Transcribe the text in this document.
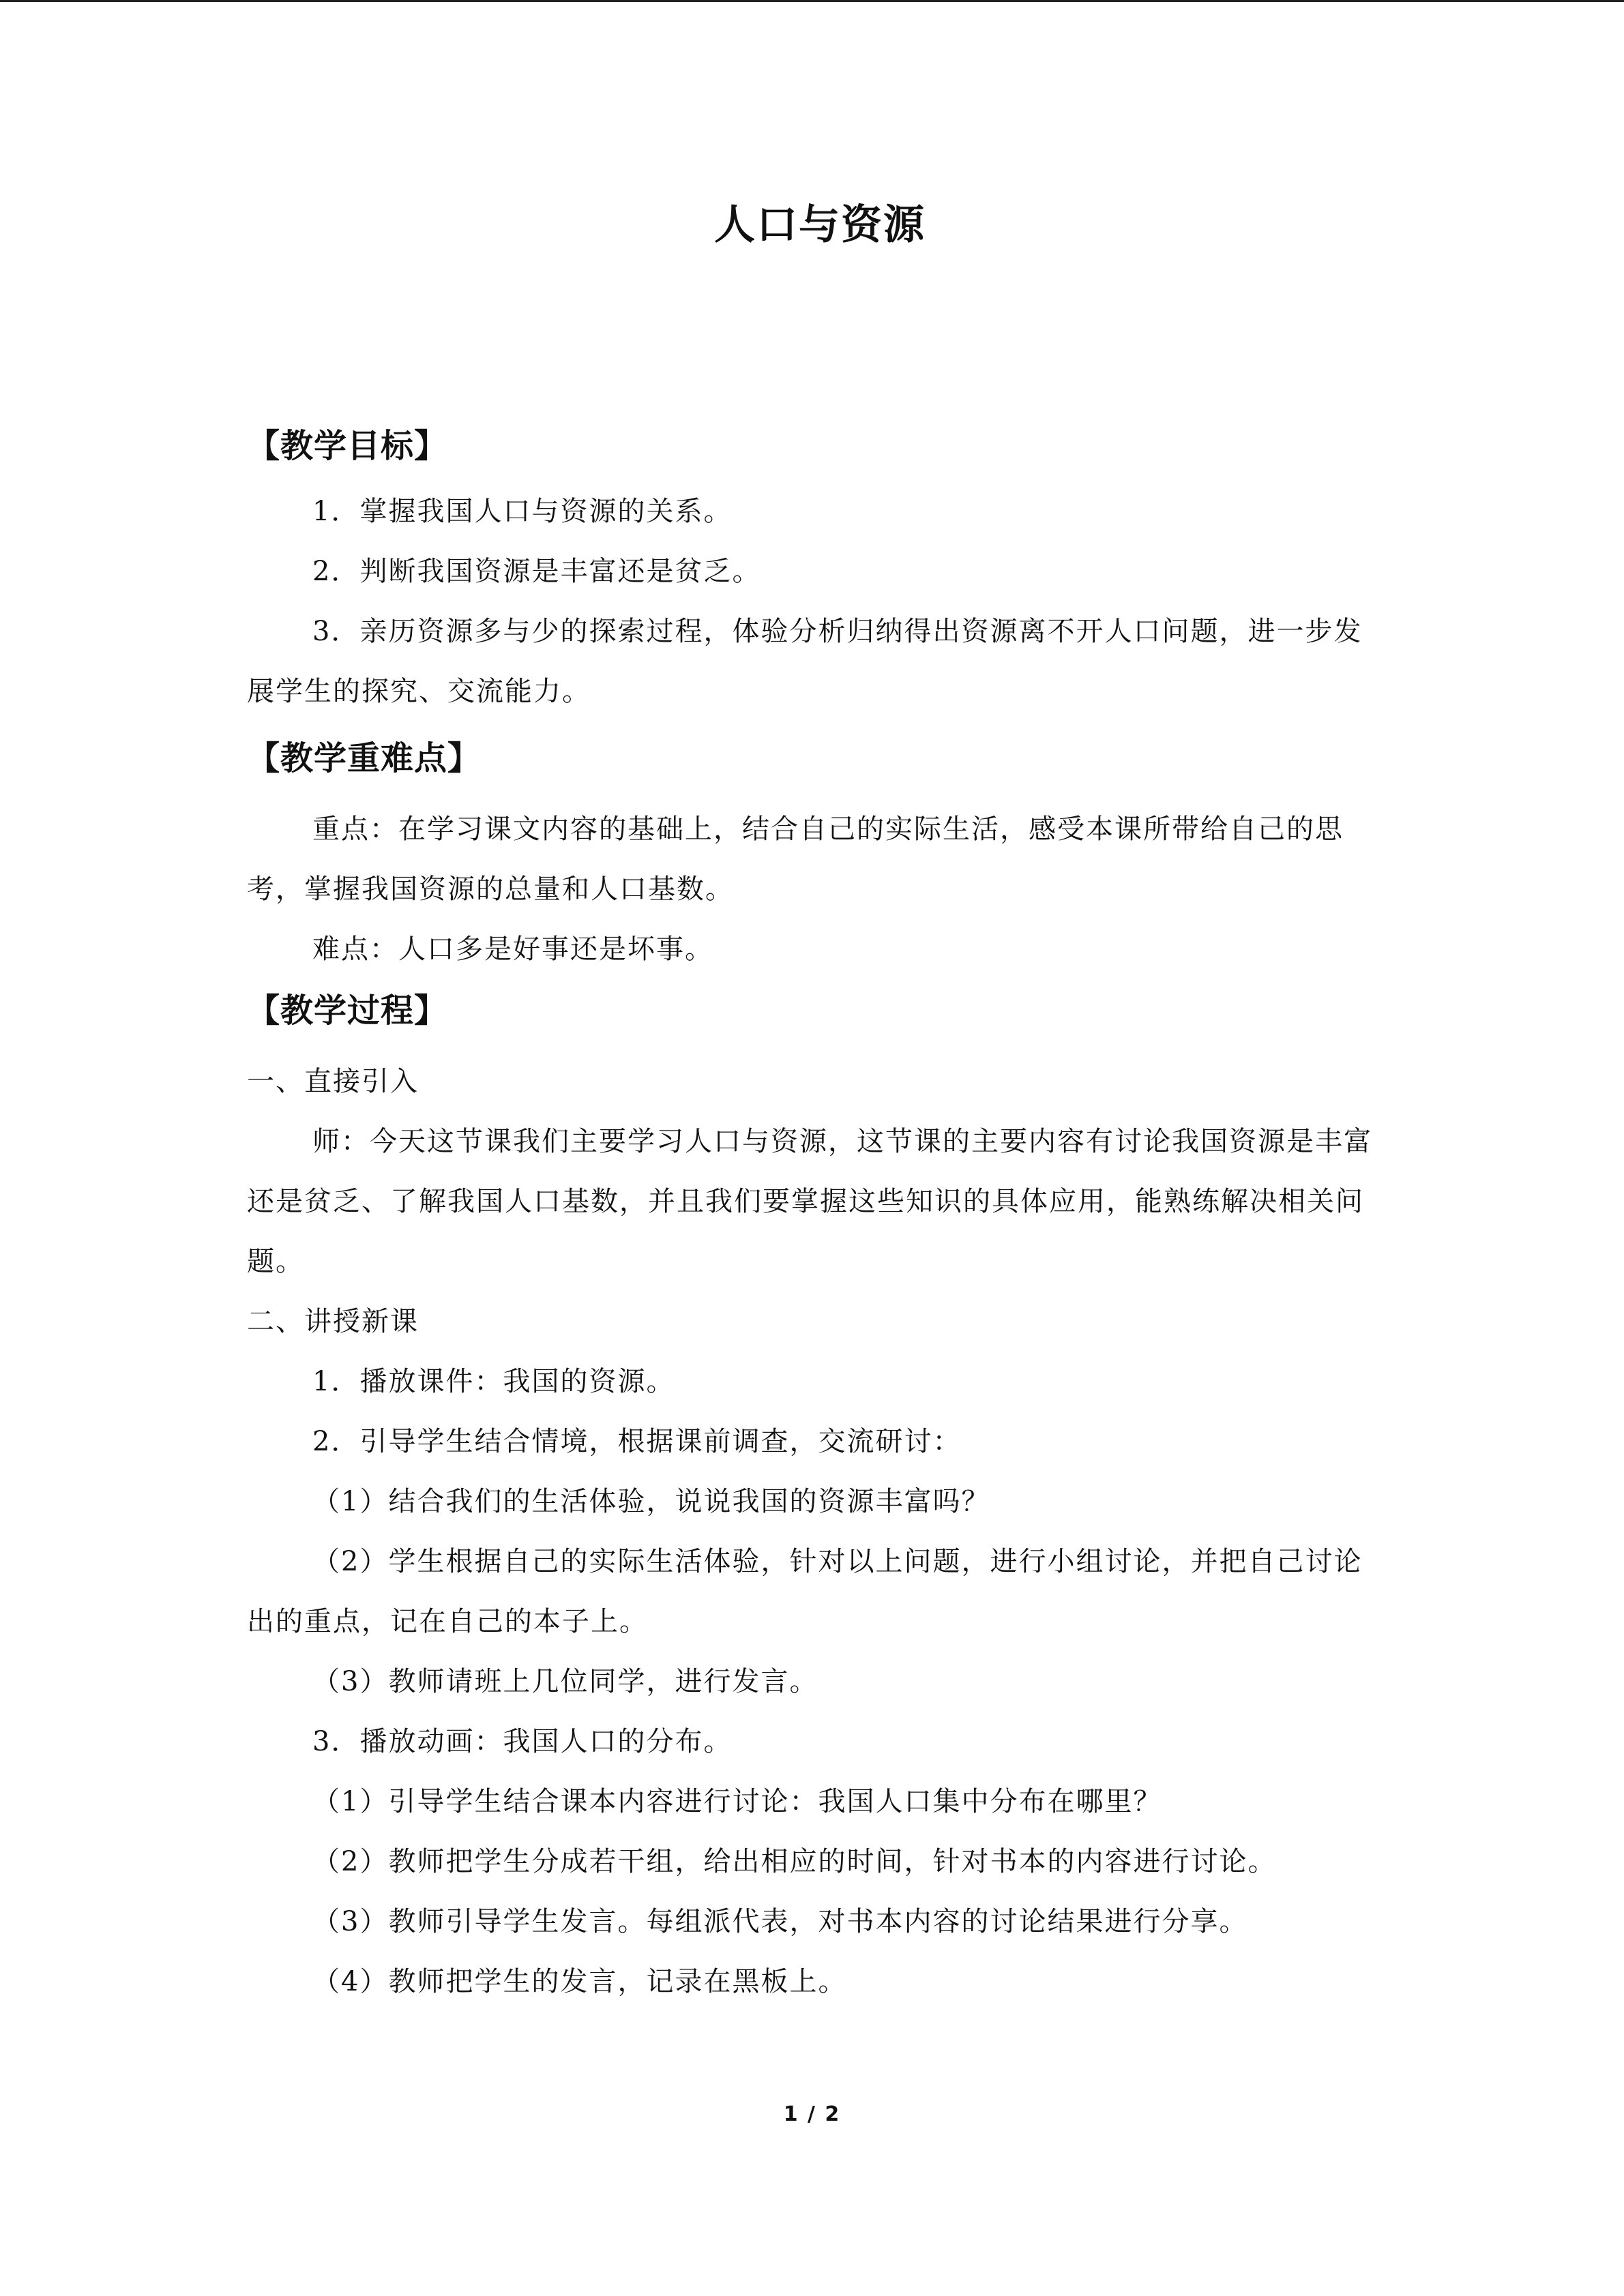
人口与资源
【教学目标】

1．掌握我国人口与资源的关系。

2．判断我国资源是丰富还是贫乏。

3．亲历资源多与少的探索过程，体验分析归纳得出资源离不开人口问题，进一步发展学生的探究、交流能力。

【教学重难点】

重点：在学习课文内容的基础上，结合自己的实际生活，感受本课所带给自己的思考，掌握我国资源的总量和人口基数。

难点：人口多是好事还是坏事。

【教学过程】

一、直接引入

师：今天这节课我们主要学习人口与资源，这节课的主要内容有讨论我国资源是丰富还是贫乏、了解我国人口基数，并且我们要掌握这些知识的具体应用，能熟练解决相关问题。

二、讲授新课

1．播放课件：我国的资源。

2．引导学生结合情境，根据课前调查，交流研讨：

（1）结合我们的生活体验，说说我国的资源丰富吗？

（2）学生根据自己的实际生活体验，针对以上问题，进行小组讨论，并把自己讨论出的重点，记在自己的本子上。

（3）教师请班上几位同学，进行发言。

3．播放动画：我国人口的分布。

（1）引导学生结合课本内容进行讨论：我国人口集中分布在哪里？

（2）教师把学生分成若干组，给出相应的时间，针对书本的内容进行讨论。

（3）教师引导学生发言。每组派代表，对书本内容的讨论结果进行分享。

（4）教师把学生的发言，记录在黑板上。

1 / 2
